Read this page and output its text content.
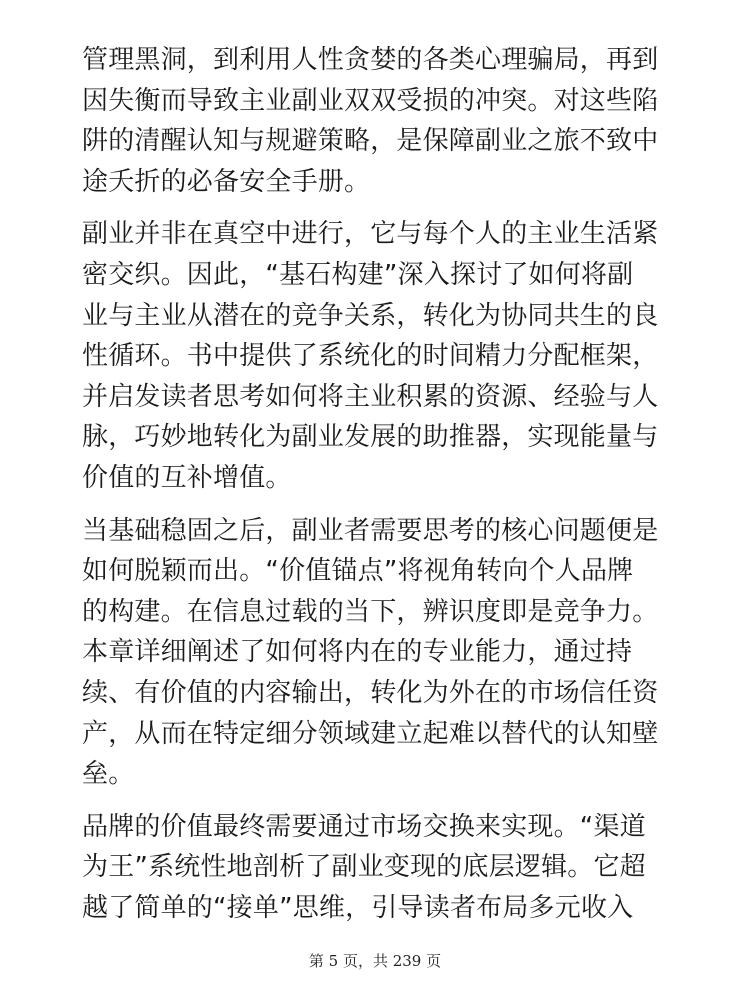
管理黑洞，到利用人性贪婪的各类心理骗局，再到
因失衡而导致主业副业双双受损的冲突。对这些陷
阱的清醒认知与规避策略，是保障副业之旅不致中
途夭折的必备安全手册。
副业并非在真空中进行，它与每个人的主业生活紧
密交织。因此，“基石构建”深入探讨了如何将副
业与主业从潜在的竞争关系，转化为协同共生的良
性循环。书中提供了系统化的时间精力分配框架，
并启发读者思考如何将主业积累的资源、经验与人
脉，巧妙地转化为副业发展的助推器，实现能量与
价值的互补增值。
当基础稳固之后，副业者需要思考的核心问题便是
如何脱颖而出。“价值锚点”将视角转向个人品牌
的构建。在信息过载的当下，辨识度即是竞争力。
本章详细阐述了如何将内在的专业能力，通过持
续、有价值的内容输出，转化为外在的市场信任资
产，从而在特定细分领域建立起难以替代的认知壁
垒。
品牌的价值最终需要通过市场交换来实现。“渠道
为王”系统性地剖析了副业变现的底层逻辑。它超
越了简单的“接单”思维，引导读者布局多元收入
第 5 页，共 239 页
